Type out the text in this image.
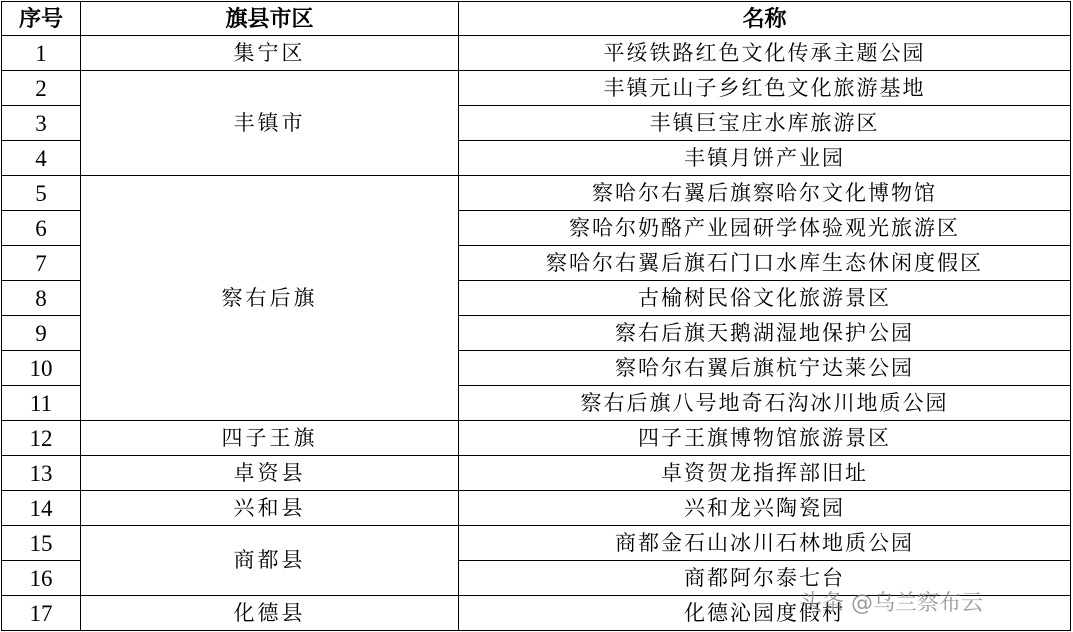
序号	旗县市区	名称
1	集宁区	平绥铁路红色文化传承主题公园
2	丰镇市	丰镇元山子乡红色文化旅游基地
3		丰镇巨宝庄水库旅游区
4		丰镇月饼产业园
5	察右后旗	察哈尔右翼后旗察哈尔文化博物馆
6		察哈尔奶酪产业园研学体验观光旅游区
7		察哈尔右翼后旗石门口水库生态休闲度假区
8		古榆树民俗文化旅游景区
9		察右后旗天鹅湖湿地保护公园
10		察哈尔右翼后旗杭宁达莱公园
11		察右后旗八号地奇石沟冰川地质公园
12	四子王旗	四子王旗博物馆旅游景区
13	卓资县	卓资贺龙指挥部旧址
14	兴和县	兴和龙兴陶瓷园
15	商都县	商都金石山冰川石林地质公园
16		商都阿尔泰七台
17	化德县	化德沁园度假村
头条 @乌兰察布云
